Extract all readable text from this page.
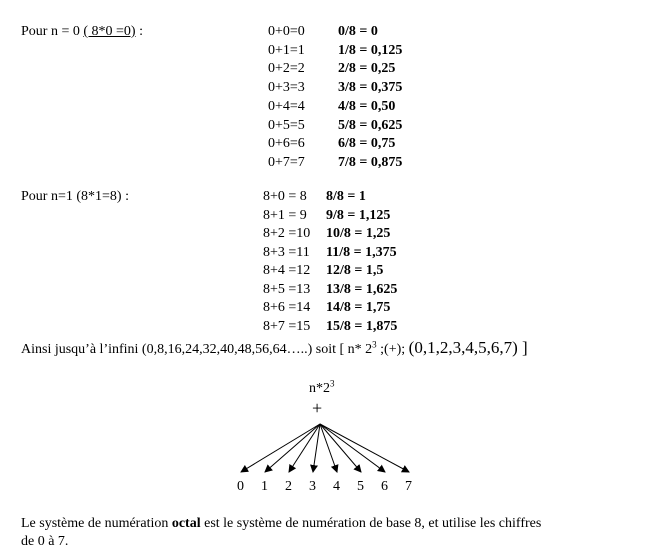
Pour n = 0 ( 8*0 =0) :	0+0=0 0/8 = 0
0+1=1 1/8 = 0,125
0+2=2 2/8 = 0,25
0+3=3 3/8 = 0,375
0+4=4 4/8 = 0,50
0+5=5 5/8 = 0,625
0+6=6 6/8 = 0,75
0+7=7 7/8 = 0,875
Pour n=1 (8*1=8) :	8+0 = 8 8/8 = 1
8+1 = 9 9/8 = 1,125
8+2 =10 10/8 = 1,25
8+3 =11 11/8 = 1,375
8+4 =12 12/8 = 1,5
8+5 =13 13/8 = 1,625
8+6 =14 14/8 = 1,75
8+7 =15 15/8 = 1,875
Ainsi jusqu’à l’infini (0,8,16,24,32,40,48,56,64…..) soit [ n* $2^3$ ;(+); (0,1,2,3,4,5,6,7) ]
$n*2^3$
+
0 1 2 3 4 5 6 7
Le système de numération octal est le système de numération de base 8, et utilise les chiffres
de 0 à 7.
